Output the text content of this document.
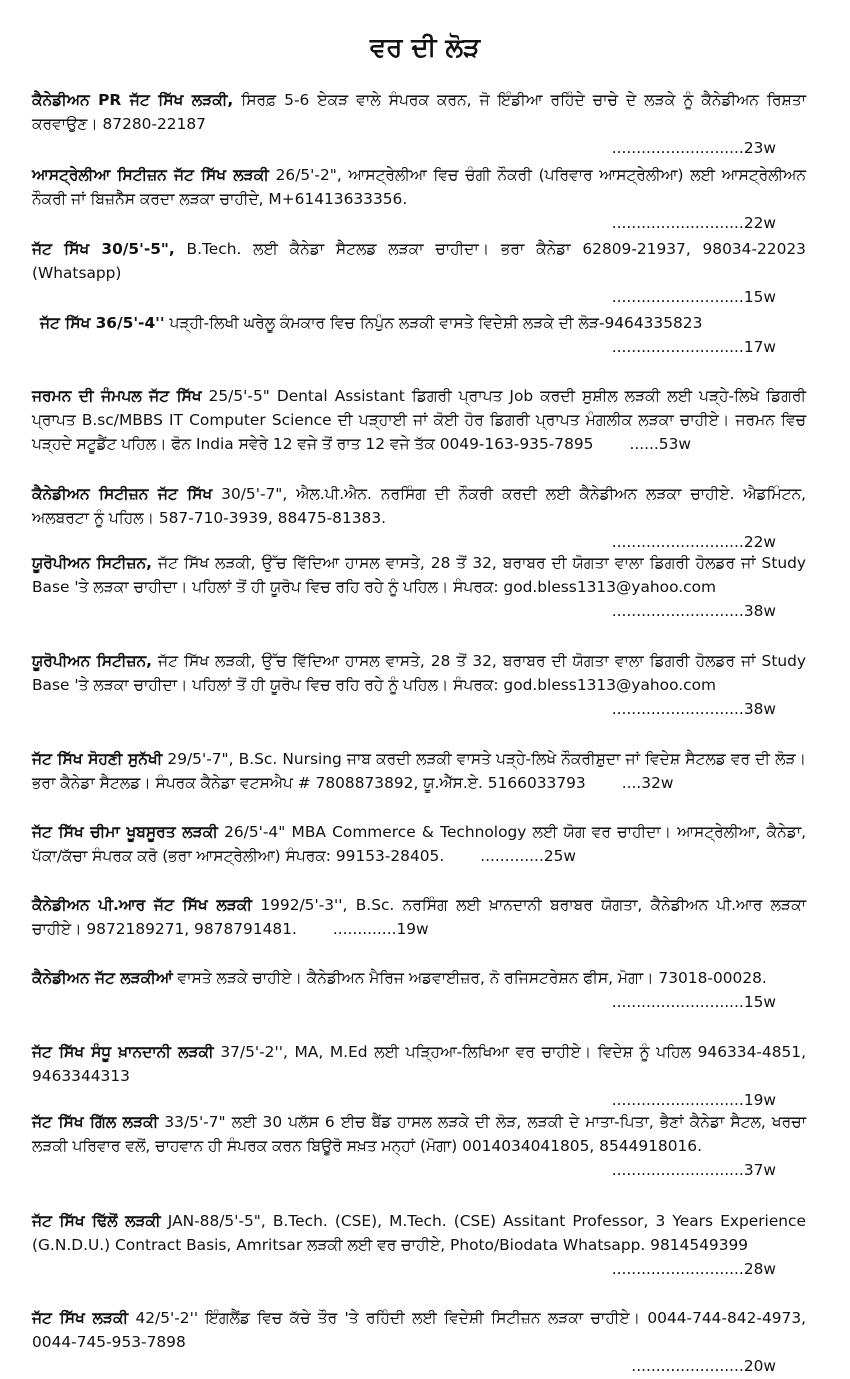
ਵਰ ਦੀ ਲੋੜ
ਕੈਨੇਡੀਅਨ PR ਜੱਟ ਸਿੱਖ ਲੜਕੀ, ਸਿਰਫ਼ 5-6 ਏਕੜ ਵਾਲੇ ਸੰਪਰਕ ਕਰਨ, ਜੋ ਇੰਡੀਆ ਰਹਿੰਦੇ ਚਾਚੇ ਦੇ ਲੜਕੇ ਨੂੰ ਕੈਨੇਡੀਅਨ ਰਿਸ਼ਤਾ ਕਰਵਾਉਣ। 87280-22187
...........................23w
ਆਸਟ੍ਰੇਲੀਆ ਸਿਟੀਜ਼ਨ ਜੱਟ ਸਿੱਖ ਲੜਕੀ 26/5'-2", ਆਸਟ੍ਰੇਲੀਆ ਵਿਚ ਚੰਗੀ ਨੌਕਰੀ (ਪਰਿਵਾਰ ਆਸਟ੍ਰੇਲੀਆ) ਲਈ ਆਸਟ੍ਰੇਲੀਅਨ ਨੌਕਰੀ ਜਾਂ ਬਿਜ਼ਨੈੱਸ ਕਰਦਾ ਲੜਕਾ ਚਾਹੀਦੇ, M+61413633356.
...........................22w
ਜੱਟ ਸਿੱਖ 30/5'-5", B.Tech. ਲਈ ਕੈਨੇਡਾ ਸੈਟਲਡ ਲੜਕਾ ਚਾਹੀਦਾ। ਭਰਾ ਕੈਨੇਡਾ 62809-21937, 98034-22023 (Whatsapp)
...........................15w
ਜੱਟ ਸਿੱਖ 36/5'-4'' ਪੜ੍ਹੀ-ਲਿਖੀ ਘਰੇਲੂ ਕੰਮਕਾਰ ਵਿਚ ਨਿਪੁੰਨ ਲੜਕੀ ਵਾਸਤੇ ਵਿਦੇਸ਼ੀ ਲੜਕੇ ਦੀ ਲੋੜ-9464335823
...........................17w
ਜਰਮਨ ਦੀ ਜੰਮਪਲ ਜੱਟ ਸਿੱਖ 25/5'-5" Dental Assistant ਡਿਗਰੀ ਪ੍ਰਾਪਤ Job ਕਰਦੀ ਸੁਸ਼ੀਲ ਲੜਕੀ ਲਈ ਪੜ੍ਹੇ-ਲਿਖੇ ਡਿਗਰੀ ਪ੍ਰਾਪਤ B.sc/MBBS IT Computer Science ਦੀ ਪੜ੍ਹਾਈ ਜਾਂ ਕੋਈ ਹੋਰ ਡਿਗਰੀ ਪ੍ਰਾਪਤ ਮੰਗਲੀਕ ਲੜਕਾ ਚਾਹੀਏ। ਜਰਮਨ ਵਿਚ ਪੜ੍ਹਦੇ ਸਟੂਡੈਂਟ ਪਹਿਲ। ਫੋਨ India ਸਵੇਰੇ 12 ਵਜੇ ਤੋਂ ਰਾਤ 12 ਵਜੇ ਤੱਕ 0049-163-935-7895 ......53w
ਕੈਨੇਡੀਅਨ ਸਿਟੀਜ਼ਨ ਜੱਟ ਸਿੱਖ 30/5'-7", ਐਲ.ਪੀ.ਐਨ. ਨਰਸਿੰਗ ਦੀ ਨੌਕਰੀ ਕਰਦੀ ਲਈ ਕੈਨੇਡੀਅਨ ਲੜਕਾ ਚਾਹੀਏ. ਐਡਮਿੰਟਨ, ਅਲਬਰਟਾ ਨੂੰ ਪਹਿਲ। 587-710-3939, 88475-81383.
...........................22w
ਯੂਰੋਪੀਅਨ ਸਿਟੀਜ਼ਨ, ਜੱਟ ਸਿੱਖ ਲੜਕੀ, ਉੱਚ ਵਿੱਦਿਆ ਹਾਸਲ ਵਾਸਤੇ, 28 ਤੋਂ 32, ਬਰਾਬਰ ਦੀ ਯੋਗਤਾ ਵਾਲਾ ਡਿਗਰੀ ਹੋਲਡਰ ਜਾਂ Study Base 'ਤੇ ਲੜਕਾ ਚਾਹੀਦਾ। ਪਹਿਲਾਂ ਤੋਂ ਹੀ ਯੂਰੋਪ ਵਿਚ ਰਹਿ ਰਹੇ ਨੂੰ ਪਹਿਲ। ਸੰਪਰਕ: god.bless1313@yahoo.com
...........................38w
ਯੂਰੋਪੀਅਨ ਸਿਟੀਜ਼ਨ, ਜੱਟ ਸਿੱਖ ਲੜਕੀ, ਉੱਚ ਵਿੱਦਿਆ ਹਾਸਲ ਵਾਸਤੇ, 28 ਤੋਂ 32, ਬਰਾਬਰ ਦੀ ਯੋਗਤਾ ਵਾਲਾ ਡਿਗਰੀ ਹੋਲਡਰ ਜਾਂ Study Base 'ਤੇ ਲੜਕਾ ਚਾਹੀਦਾ। ਪਹਿਲਾਂ ਤੋਂ ਹੀ ਯੂਰੋਪ ਵਿਚ ਰਹਿ ਰਹੇ ਨੂੰ ਪਹਿਲ। ਸੰਪਰਕ: god.bless1313@yahoo.com
...........................38w
ਜੱਟ ਸਿੱਖ ਸੋਹਣੀ ਸੁਨੱਖੀ 29/5'-7", B.Sc. Nursing ਜਾਬ ਕਰਦੀ ਲੜਕੀ ਵਾਸਤੇ ਪੜ੍ਹੇ-ਲਿਖੇ ਨੌਕਰੀਸ਼ੁਦਾ ਜਾਂ ਵਿਦੇਸ਼ ਸੈਟਲਡ ਵਰ ਦੀ ਲੋੜ। ਭਰਾ ਕੈਨੇਡਾ ਸੈਟਲਡ। ਸੰਪਰਕ ਕੈਨੇਡਾ ਵਟਸਐਪ # 7808873892, ਯੂ.ਐੱਸ.ਏ. 5166033793 ....32w
ਜੱਟ ਸਿੱਖ ਚੀਮਾ ਖੂਬਸੂਰਤ ਲੜਕੀ 26/5'-4" MBA Commerce & Technology ਲਈ ਯੋਗ ਵਰ ਚਾਹੀਦਾ। ਆਸਟ੍ਰੇਲੀਆ, ਕੈਨੇਡਾ, ਪੱਕਾ/ਕੱਚਾ ਸੰਪਰਕ ਕਰੋ (ਭਰਾ ਆਸਟ੍ਰੇਲੀਆ) ਸੰਪਰਕ: 99153-28405. .............25w
ਕੈਨੇਡੀਅਨ ਪੀ.ਆਰ ਜੱਟ ਸਿੱਖ ਲੜਕੀ 1992/5'-3'', B.Sc. ਨਰਸਿੰਗ ਲਈ ਖ਼ਾਨਦਾਨੀ ਬਰਾਬਰ ਯੋਗਤਾ, ਕੈਨੇਡੀਅਨ ਪੀ.ਆਰ ਲੜਕਾ ਚਾਹੀਏ। 9872189271, 9878791481. .............19w
ਕੈਨੇਡੀਅਨ ਜੱਟ ਲੜਕੀਆਂ ਵਾਸਤੇ ਲੜਕੇ ਚਾਹੀਏ। ਕੈਨੇਡੀਅਨ ਮੈਰਿਜ ਅਡਵਾਈਜ਼ਰ, ਨੋ ਰਜਿਸਟਰੇਸ਼ਨ ਫੀਸ, ਮੋਗਾ। 73018-00028.
...........................15w
ਜੱਟ ਸਿੱਖ ਸੰਧੂ ਖ਼ਾਨਦਾਨੀ ਲੜਕੀ 37/5'-2'', MA, M.Ed ਲਈ ਪੜ੍ਹਿਆ-ਲਿਖਿਆ ਵਰ ਚਾਹੀਏ। ਵਿਦੇਸ਼ ਨੂੰ ਪਹਿਲ 946334-4851, 9463344313
...........................19w
ਜੱਟ ਸਿੱਖ ਗਿੱਲ ਲੜਕੀ 33/5'-7" ਲਈ 30 ਪਲੱਸ 6 ਈਚ ਬੈਂਡ ਹਾਸਲ ਲੜਕੇ ਦੀ ਲੋੜ, ਲੜਕੀ ਦੇ ਮਾਤਾ-ਪਿਤਾ, ਭੈਣਾਂ ਕੈਨੇਡਾ ਸੈਟਲ, ਖਰਚਾ ਲੜਕੀ ਪਰਿਵਾਰ ਵਲੋਂ, ਚਾਹਵਾਨ ਹੀ ਸੰਪਰਕ ਕਰਨ ਬਿਊਰੋ ਸਖ਼ਤ ਮਨ੍ਹਾਂ (ਮੋਗਾ) 0014034041805, 8544918016.
...........................37w
ਜੱਟ ਸਿੱਖ ਢਿੱਲੋਂ ਲੜਕੀ JAN-88/5'-5", B.Tech. (CSE), M.Tech. (CSE) Assitant Professor, 3 Years Experience (G.N.D.U.) Contract Basis, Amritsar ਲੜਕੀ ਲਈ ਵਰ ਚਾਹੀਏ, Photo/Biodata Whatsapp. 9814549399
...........................28w
ਜੱਟ ਸਿੱਖ ਲੜਕੀ 42/5'-2'' ਇੰਗਲੈਂਡ ਵਿਚ ਕੱਚੇ ਤੌਰ 'ਤੇ ਰਹਿੰਦੀ ਲਈ ਵਿਦੇਸ਼ੀ ਸਿਟੀਜ਼ਨ ਲੜਕਾ ਚਾਹੀਏ। 0044-744-842-4973, 0044-745-953-7898
.......................20w
